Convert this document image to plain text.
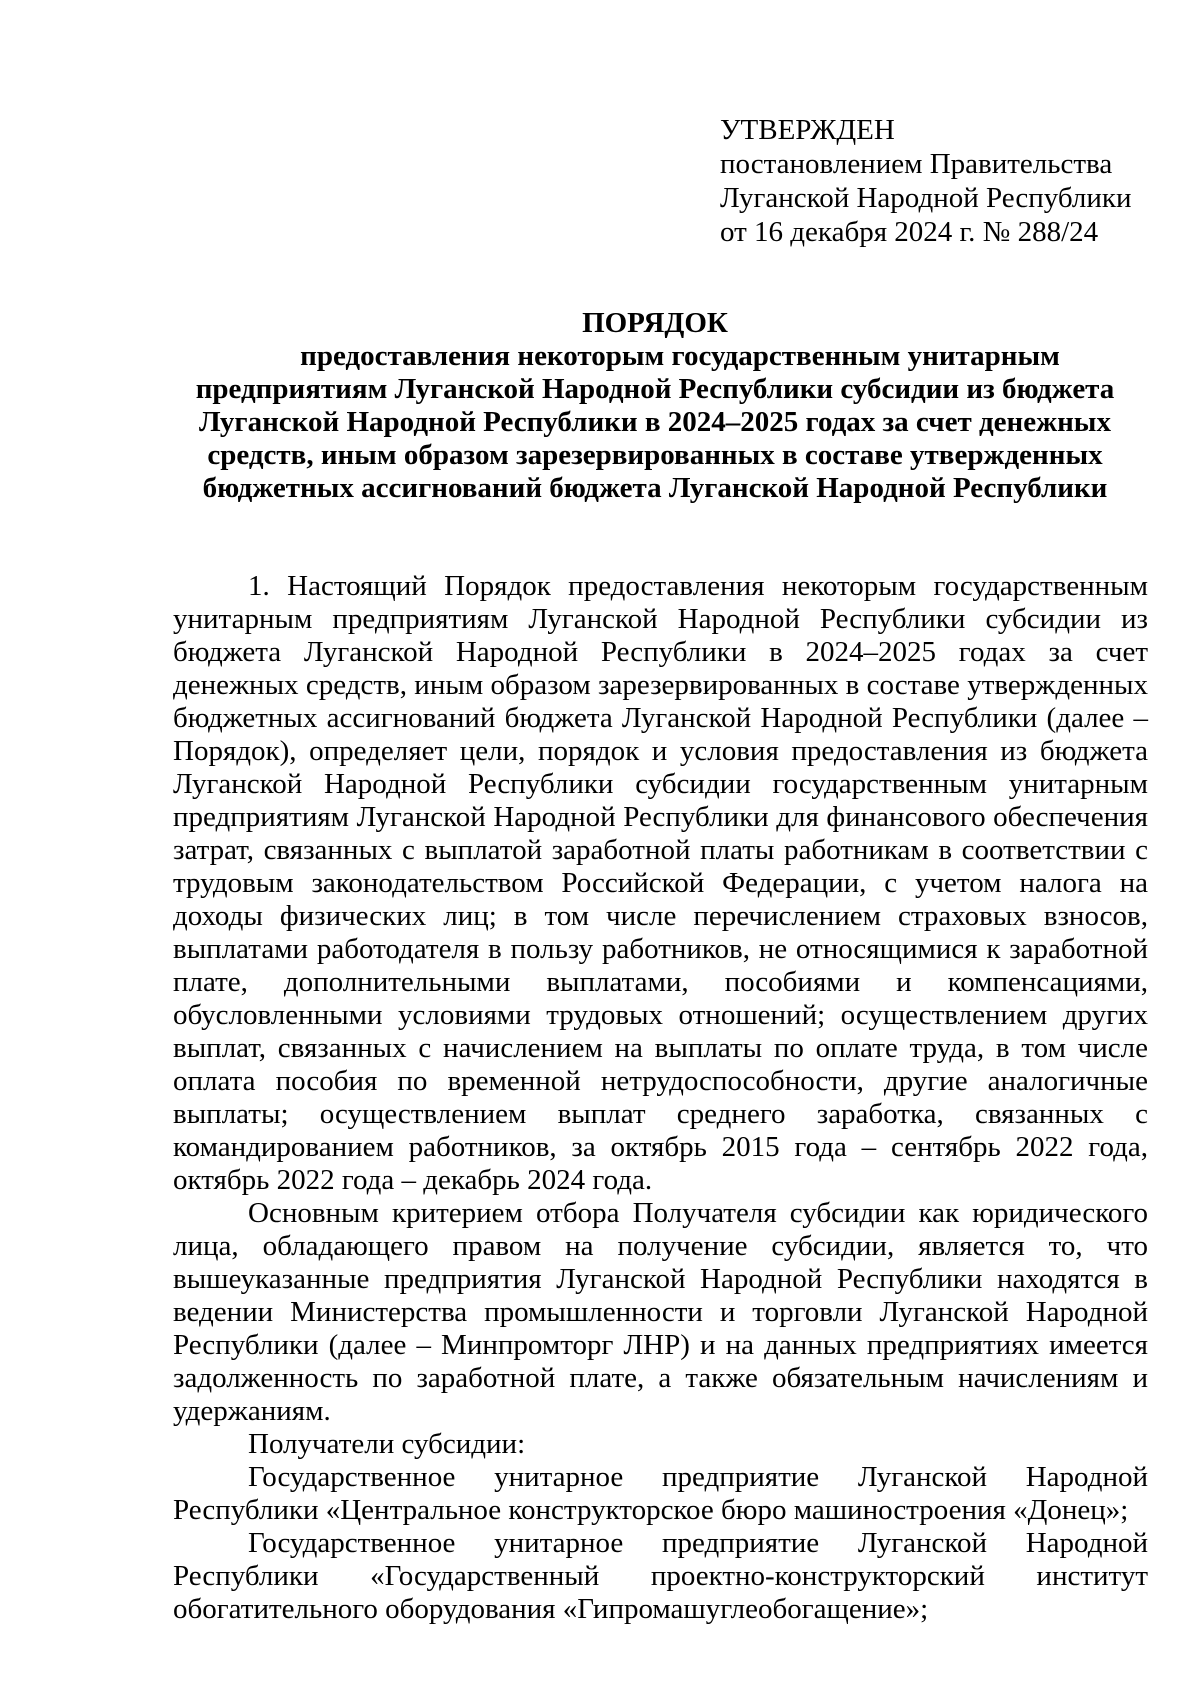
УТВЕРЖДЕН
постановлением Правительства
Луганской Народной Республики
от 16 декабря 2024 г. № 288/24
ПОРЯДОК
предоставления некоторым государственным унитарным
предприятиям Луганской Народной Республики субсидии из бюджета
Луганской Народной Республики в 2024–2025 годах за счет денежных
средств, иным образом зарезервированных в составе утвержденных
бюджетных ассигнований бюджета Луганской Народной Республики

1. Настоящий Порядок предоставления некоторым государственным унитарным предприятиям Луганской Народной Республики субсидии из бюджета Луганской Народной Республики в 2024–2025 годах за счет денежных средств, иным образом зарезервированных в составе утвержденных бюджетных ассигнований бюджета Луганской Народной Республики (далее – Порядок), определяет цели, порядок и условия предоставления из бюджета Луганской Народной Республики субсидии государственным унитарным предприятиям Луганской Народной Республики для финансового обеспечения затрат, связанных с выплатой заработной платы работникам в соответствии с трудовым законодательством Российской Федерации, с учетом налога на доходы физических лиц; в том числе перечислением страховых взносов, выплатами работодателя в пользу работников, не относящимися к заработной плате, дополнительными выплатами, пособиями и компенсациями, обусловленными условиями трудовых отношений; осуществлением других выплат, связанных с начислением на выплаты по оплате труда, в том числе оплата пособия по временной нетрудоспособности, другие аналогичные выплаты; осуществлением выплат среднего заработка, связанных с командированием работников, за октябрь 2015 года – сентябрь 2022 года, октябрь 2022 года – декабрь 2024 года.

Основным критерием отбора Получателя субсидии как юридического лица, обладающего правом на получение субсидии, является то, что вышеуказанные предприятия Луганской Народной Республики находятся в ведении Министерства промышленности и торговли Луганской Народной Республики (далее – Минпромторг ЛНР) и на данных предприятиях имеется задолженность по заработной плате, а также обязательным начислениям и удержаниям.

Получатели субсидии:

Государственное унитарное предприятие Луганской Народной Республики «Центральное конструкторское бюро машиностроения «Донец»;

Государственное унитарное предприятие Луганской Народной Республики «Государственный проектно-конструкторский институт обогатительного оборудования «Гипромашуглеобогащение»;
